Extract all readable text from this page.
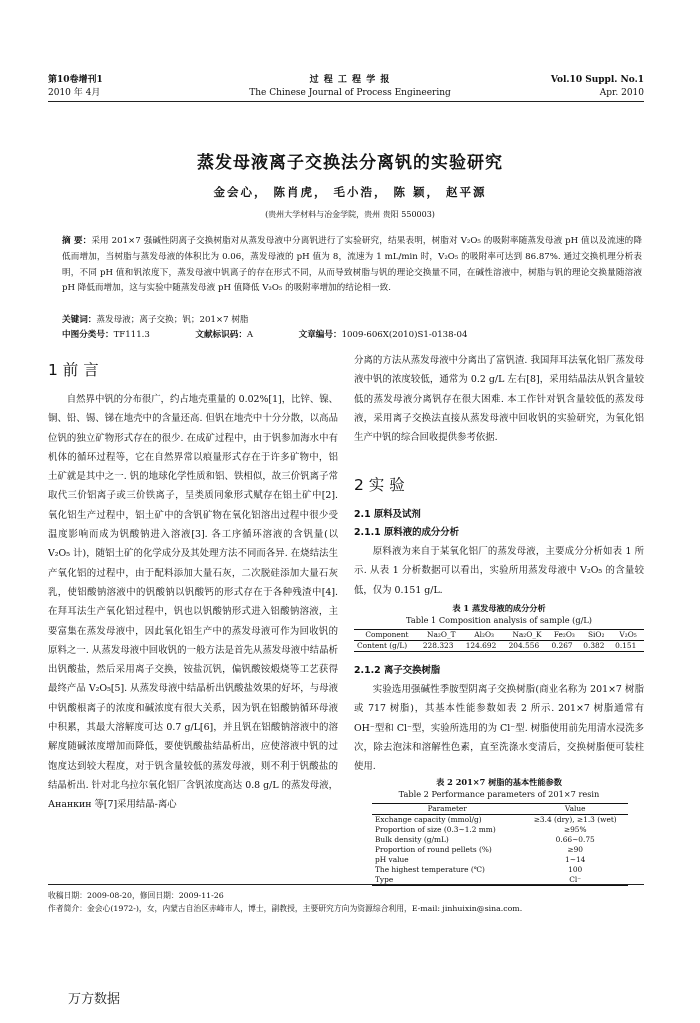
第10卷增刊1
2010 年 4月
过 程 工 程 学 报
The Chinese Journal of Process Engineering
Vol.10 Suppl. No.1
Apr. 2010
蒸发母液离子交换法分离钒的实验研究
金会心， 陈肖虎， 毛小浩， 陈 颖， 赵平源
(贵州大学材料与冶金学院，贵州 贵阳 550003)
摘 要：采用 201×7 强碱性阴离子交换树脂对从蒸发母液中分离钒进行了实验研究，结果表明，树脂对 V₂O₅ 的吸附率随蒸发母液 pH 值以及流速的降低而增加，当树脂与蒸发母液的体积比为 0.06，蒸发母液的 pH 值为 8，流速为 1 mL/min 时，V₂O₅ 的吸附率可达到 86.87%. 通过交换机理分析表明，不同 pH 值和钒浓度下，蒸发母液中钒离子的存在形式不同，从而导致树脂与钒的理论交换量不同，在碱性溶液中，树脂与钒的理论交换量随溶液 pH 降低而增加，这与实验中随蒸发母液 pH 值降低 V₂O₅ 的吸附率增加的结论相一致.
关键词：蒸发母液；离子交换；钒；201×7 树脂
中图分类号：TF111.3	文献标识码：A	文章编号：1009-606X(2010)S1-0138-04
1 前 言

自然界中钒的分布很广，约占地壳重量的 0.02%[1]，比锌、镍、铜、铅、锡、锑在地壳中的含量还高. 但钒在地壳中十分分散，以高品位钒的独立矿物形式存在的很少. 在成矿过程中，由于钒参加海水中有机体的循环过程等，它在自然界常以痕量形式存在于许多矿物中，铝土矿就是其中之一. 钒的地球化学性质和铝、铁相似，故三价钒离子常取代三价铝离子或三价铁离子，呈类质同象形式赋存在铝土矿中[2]. 氧化铝生产过程中，铝土矿中的含钒矿物在氧化铝溶出过程中很少受温度影响而成为钒酸钠进入溶液[3]. 各工序循环溶液的含钒量(以 V₂O₅ 计)，随铝土矿的化学成分及其处理方法不同而各异. 在烧结法生产氧化铝的过程中，由于配料添加大量石灰，二次脱硅添加大量石灰乳，使铝酸钠溶液中的钒酸钠以钒酸钙的形式存在于各种残渣中[4]. 在拜耳法生产氧化铝过程中，钒也以钒酸钠形式进入铝酸钠溶液，主要富集在蒸发母液中，因此氧化铝生产中的蒸发母液可作为回收钒的原料之一. 从蒸发母液中回收钒的一般方法是首先从蒸发母液中结晶析出钒酸盐，然后采用离子交换，铵盐沉钒，偏钒酸铵煅烧等工艺获得最终产品 V₂O₅[5]. 从蒸发母液中结晶析出钒酸盐效果的好坏，与母液中钒酸根离子的浓度和碱浓度有很大关系，因为钒在铝酸钠循环母液中积累，其最大溶解度可达 0.7 g/L[6]，并且钒在铝酸钠溶液中的溶解度随碱浓度增加而降低，要使钒酸盐结晶析出，应使溶液中钒的过饱度达到较大程度，对于钒含量较低的蒸发母液，则不利于钒酸盐的结晶析出. 针对北乌拉尔氧化铝厂含钒浓度高达 0.8 g/L 的蒸发母液，Ананкин 等[7]采用结晶-离心

分离的方法从蒸发母液中分离出了富钒渣. 我国拜耳法氧化铝厂蒸发母液中钒的浓度较低，通常为 0.2 g/L 左右[8]，采用结晶法从钒含量较低的蒸发母液分离钒存在很大困难. 本工作针对钒含量较低的蒸发母液，采用离子交换法直接从蒸发母液中回收钒的实验研究，为氧化铝生产中钒的综合回收提供参考依据.

2 实 验
2.1 原料及试剂
2.1.1 原料液的成分分析

原料液为来自于某氧化铝厂的蒸发母液，主要成分分析如表 1 所示. 从表 1 分析数据可以看出，实验所用蒸发母液中 V₂O₅ 的含量较低，仅为 0.151 g/L.

表 1 蒸发母液的成分分析
Table 1 Composition analysis of sample (g/L)
Component	Na₂O_T	Al₂O₃	Na₂O_K	Fe₂O₃	SiO₂	V₂O₅
Content (g/L)	228.323	124.692	204.556	0.267	0.382	0.151
2.1.2 离子交换树脂

实验选用强碱性季胺型阴离子交换树脂(商业名称为 201×7 树脂或 717 树脂)，其基本性能参数如表 2 所示. 201×7 树脂通常有 OH⁻型和 Cl⁻型，实验所选用的为 Cl⁻型. 树脂使用前先用清水浸洗多次，除去泡沫和溶解性色素，直至洗涤水变清后，交换树脂便可装柱使用.

表 2 201×7 树脂的基本性能参数
Table 2 Performance parameters of 201×7 resin
Parameter	Value
Exchange capacity (mmol/g)	≥3.4 (dry), ≥1.3 (wet)
Proportion of size (0.3~1.2 mm)	≥95%
Bulk density (g/mL)	0.66~0.75
Proportion of round pellets (%)	≥90
pH value	1~14
The highest temperature (℃)	100
Type	Cl⁻
收稿日期：2009-08-20，修回日期：2009-11-26
作者简介：金会心(1972-)，女，内蒙古自治区赤峰市人，博士，副教授，主要研究方向为资源综合利用，E-mail: jinhuixin@sina.com.
万方数据
